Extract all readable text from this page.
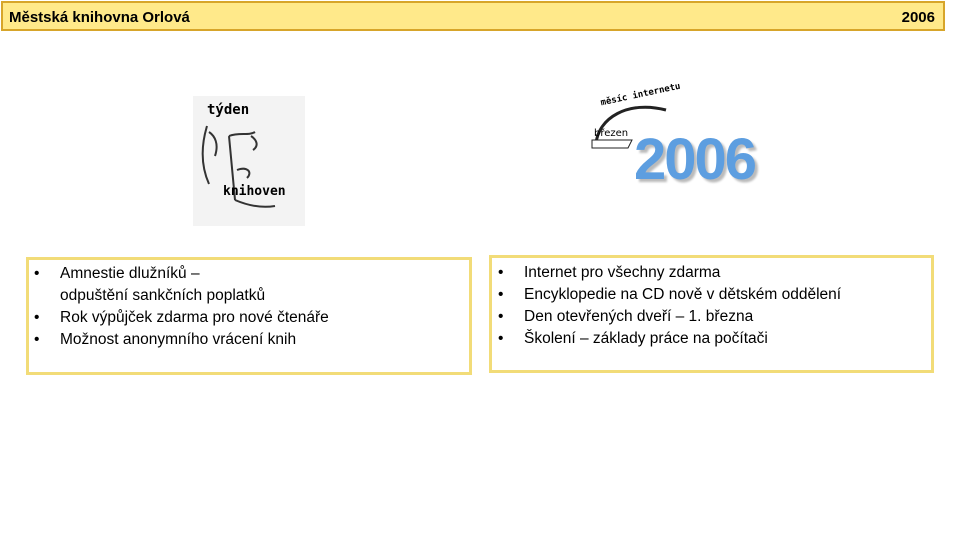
Městská knihovna Orlová	2006
týden
knihoven
měsíc internetu
březen 2006
•	Amnestie dlužníků –
odpuštění sankčních poplatků
•	Rok výpůjček zdarma pro nové čtenáře
•	Možnost anonymního vrácení knih
•	Internet pro všechny zdarma
•	Encyklopedie na CD nově v dětském oddělení
•	Den otevřených dveří – 1. března
•	Školení – základy práce na počítači
